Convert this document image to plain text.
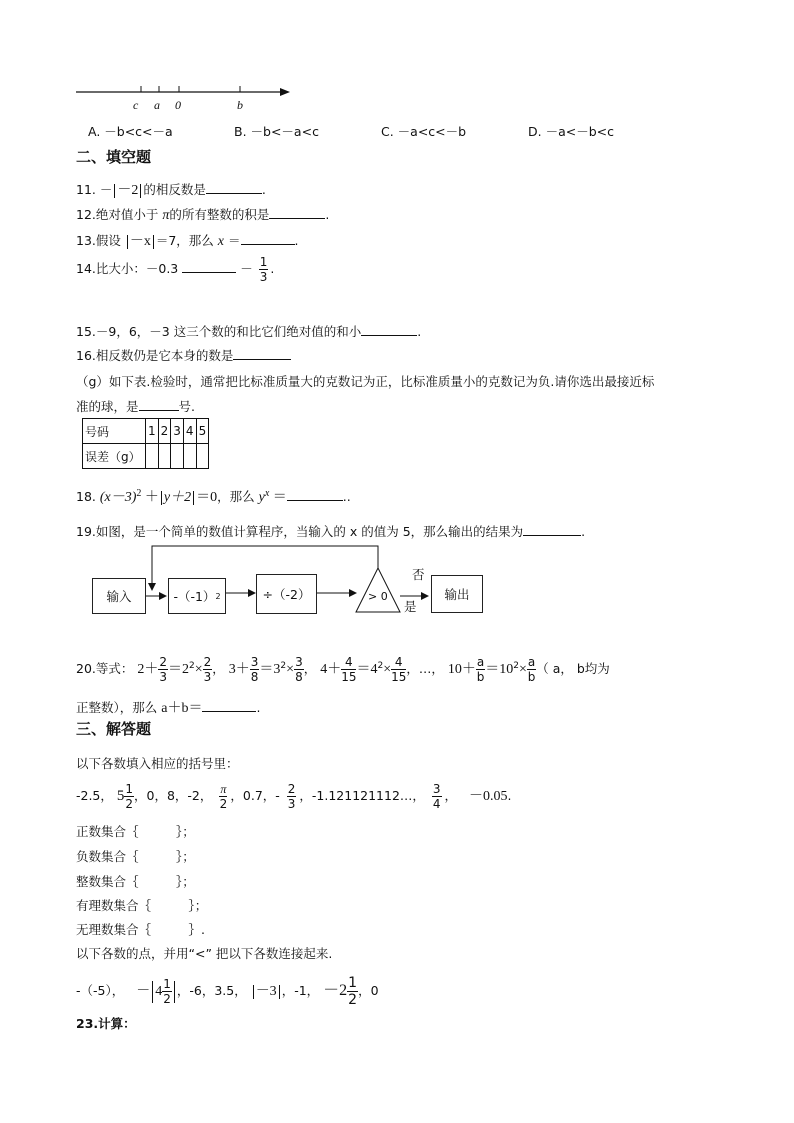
c a 0	b
A. －b<c<－a	B. －b<－a<c	C. －a<c<－b	D. －a<－b<c
二、填空题
11. － －2 的相反数是	.
12.绝对值小于 π的所有整数的积是	.
13.假设 －x ＝7，那么 x ＝	.
14.比大小：－0.3	－ $\frac{1}{3}$ .
15.－9，6，－3 这三个数的和比它们绝对值的和小	.
16.相反数仍是它本身的数是
（g）如下表.检验时，通常把比标准质量大的克数记为正，比标准质量小的克数记为负.请你选出最接近标
准的球，是	号.
号码	1	2	3	4	5
误差（g）					
18. $(x-3)^2 + y+2 =0$，那么 $y^x$ ＝	..
19.如图，是一个简单的数值计算程序，当输入的 x 的值为 5，那么输出的结果为	.
输入	-（-1） 2	÷（-2）	> 0
否
是
输出
20.等式： $2+ \frac{2}{3} =2^2\times \frac{2}{3}$ ， $3+ \frac{3}{8} =3^2\times \frac{3}{8}$ ， $4+ \frac{4}{15} =4^2\times \frac{4}{15}$ ，…， $10+ \frac{a}{b} =10^2\times \frac{a}{b}$ （ a， b均为
正整数），那么 a＋b＝	.
三、解答题
以下各数填入相应的括号里：
-2.5， $5 \frac{1}{2}$ ，0，8，-2， $\frac{\pi}{2}$ ，0.7，- $\frac{2}{3}$ ，-1.121121112…， $\frac{3}{4}$ ， －0.05.
正数集合｛　　　｝；
负数集合｛　　　｝；
整数集合｛　　　｝；
有理数集合｛　　　｝；
无理数集合｛　　　｝.
以下各数的点，并用“<” 把以下各数连接起来.
-（-5）， － $4 \frac{1}{2}$ ，-6，3.5， －3 ，-1， $-2 \frac{1}{2}$ ，0
23.计算：
